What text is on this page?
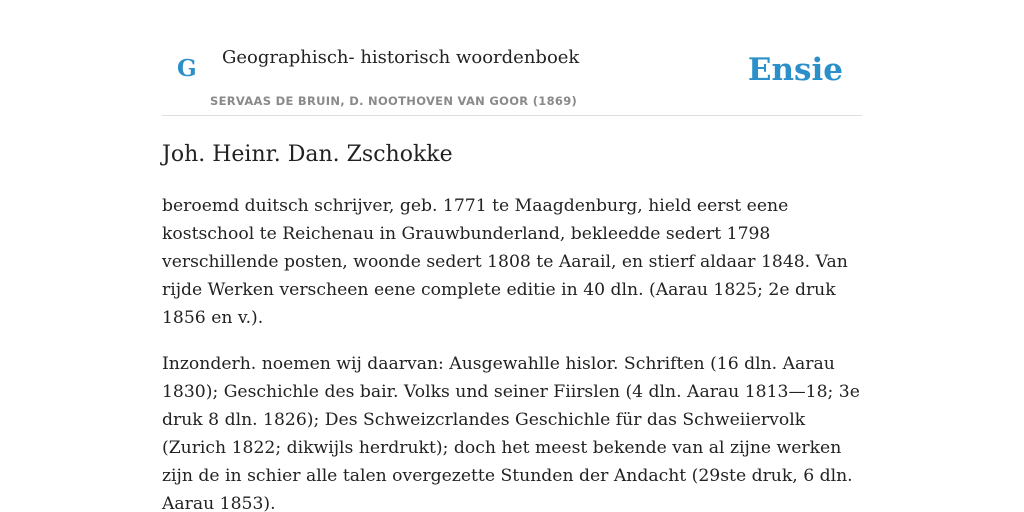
G Geographisch- historisch woordenboek
SERVAAS DE BRUIN, D. NOOTHOVEN VAN GOOR (1869)
Ensie
Joh. Heinr. Dan. Zschokke

beroemd duitsch schrijver, geb. 1771 te Maagdenburg, hield eerst eene kostschool te Reichenau in Grauwbunderland, bekleedde sedert 1798 verschillende posten, woonde sedert 1808 te Aarail, en stierf aldaar 1848. Van rijde Werken verscheen eene complete editie in 40 dln. (Aarau 1825; 2e druk 1856 en v.).

Inzonderh. noemen wij daarvan: Ausgewahlle hislor. Schriften (16 dln. Aarau 1830); Geschichle des bair. Volks und seiner Fiirslen (4 dln. Aarau 1813—18; 3e druk 8 dln. 1826); Des Schweizcrlandes Geschichle für das Schweiiervolk (Zurich 1822; dikwijls herdrukt); doch het meest bekende van al zijne werken zijn de in schier alle talen overgezette Stunden der Andacht (29ste druk, 6 dln. Aarau 1853).
